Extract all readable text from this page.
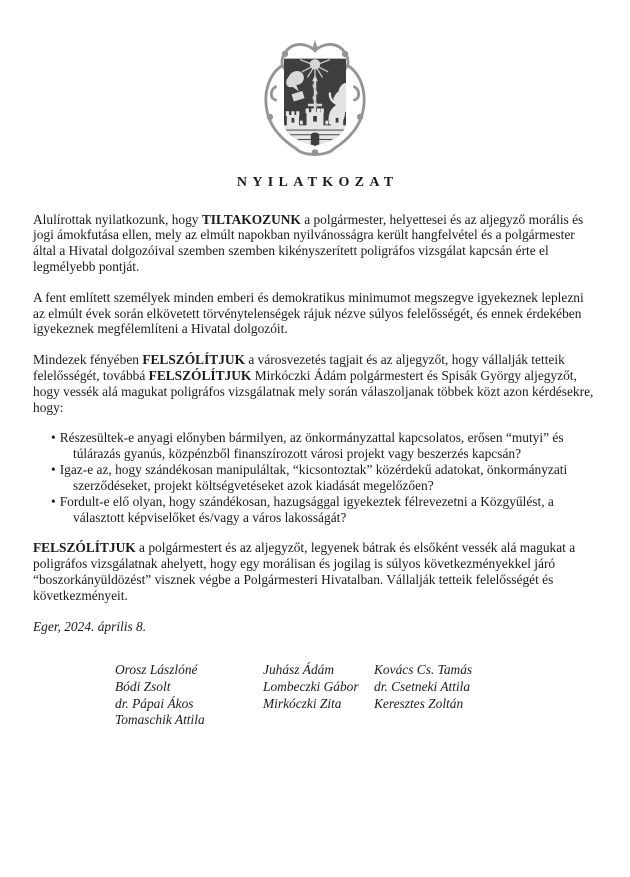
NYILATKOZAT

Alulírottak nyilatkozunk, hogy TILTAKOZUNK a polgármester, helyettesei és az aljegyző morális és jogi ámokfutása ellen, mely az elmúlt napokban nyilvánosságra került hangfelvétel és a polgármester által a Hivatal dolgozóival szemben szemben kikényszerített poligráfos vizsgálat kapcsán érte el legmélyebb pontját.

A fent említett személyek minden emberi és demokratikus minimumot megszegve igyekeznek leplezni az elmúlt évek során elkövetett törvénytelenségek rájuk nézve súlyos felelősségét, és ennek érdekében igyekeznek megfélemlíteni a Hivatal dolgozóit.

Mindezek fényében FELSZÓLÍTJUK a városvezetés tagjait és az aljegyzőt, hogy vállalják tetteik felelősségét, továbbá FELSZÓLÍTJUK Mirkóczki Ádám polgármestert és Spisák György aljegyzőt, hogy vessék alá magukat poligráfos vizsgálatnak mely során válaszoljanak többek közt azon kérdésekre, hogy:

• Részesültek-e anyagi előnyben bármilyen, az önkormányzattal kapcsolatos, erősen “mutyi” és túlárazás gyanús, közpénzből finanszírozott városi projekt vagy beszerzés kapcsán?
• Igaz-e az, hogy szándékosan manipuláltak, “kicsontoztak” közérdekű adatokat, önkormányzati szerződéseket, projekt költségvetéseket azok kiadását megelőzően?
• Fordult-e elő olyan, hogy szándékosan, hazugsággal igyekeztek félrevezetni a Közgyűlést, a választott képviselőket és/vagy a város lakosságát?

FELSZÓLÍTJUK a polgármestert és az aljegyzőt, legyenek bátrak és elsőként vessék alá magukat a poligráfos vizsgálatnak ahelyett, hogy egy morálisan és jogilag is súlyos következményekkel járó “boszorkányüldözést” visznek végbe a Polgármesteri Hivatalban. Vállalják tetteik felelősségét és következményeit.

Eger, 2024. április 8.

Orosz Lászlóné
Bódi Zsolt
dr. Pápai Ákos
Tomaschik Attila
Juhász Ádám
Lombeczki Gábor
Mirkóczki Zita
Kovács Cs. Tamás
dr. Csetneki Attila
Keresztes Zoltán
